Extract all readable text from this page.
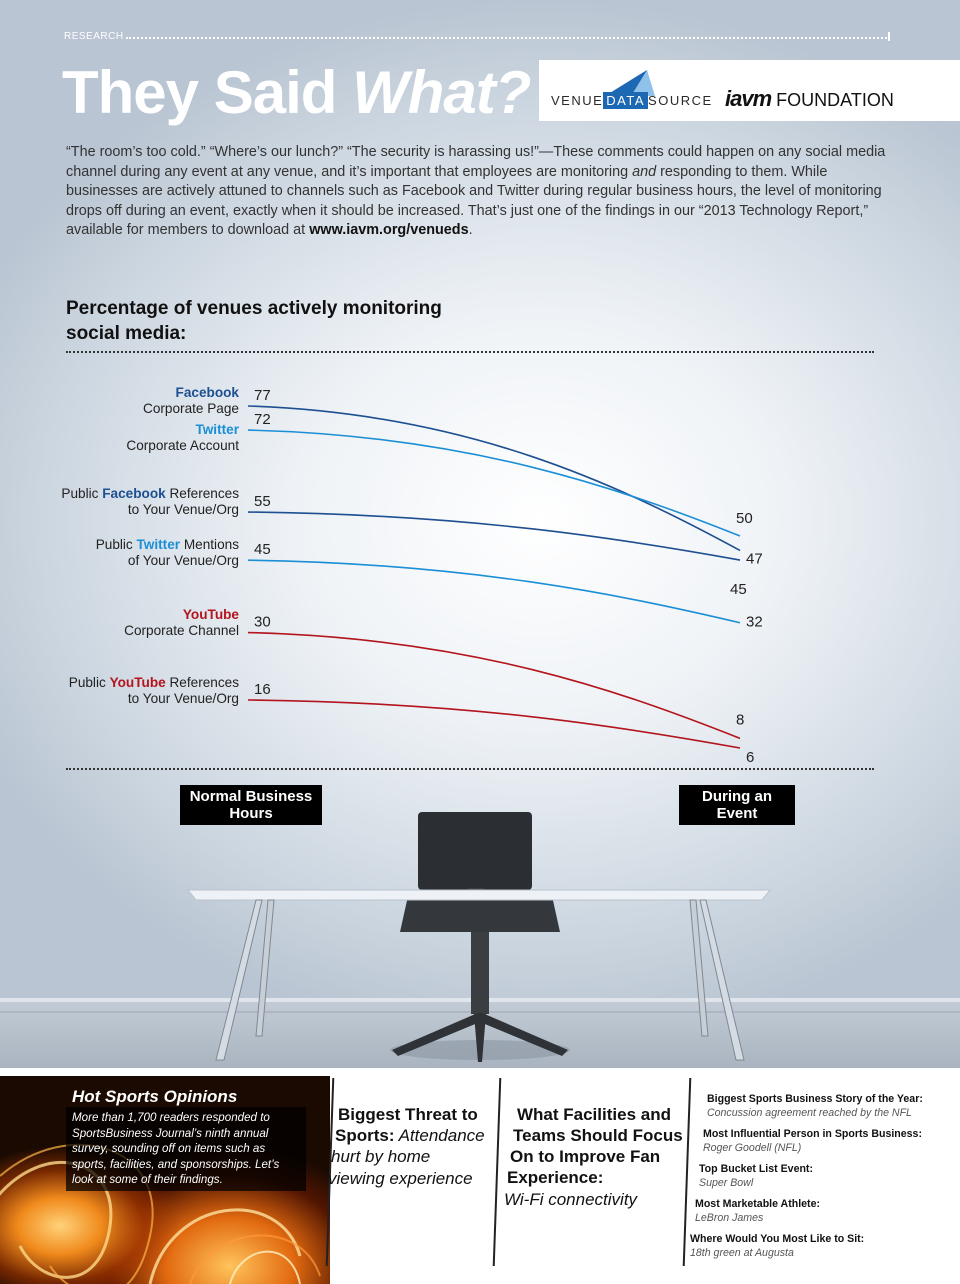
RESEARCH
They Said What? VENUE DATA SOURCE iavm FOUNDATION
“The room’s too cold.” “Where’s our lunch?” “The security is harassing us!”—These comments could happen on any social media channel during any event at any venue, and it’s important that employees are monitoring and responding to them. While businesses are actively attuned to channels such as Facebook and Twitter during regular business hours, the level of monitoring drops off during an event, exactly when it should be increased. That’s just one of the findings in our “2013 Technology Report,” available for members to download at www.iavm.org/venueds.
Percentage of venues actively monitoring social media:
77
47
Facebook
Corporate Page
72
50
Twitter
Corporate Account
55
45
Public Facebook References
to Your Venue/Org
45
32
Public Twitter Mentions
of Your Venue/Org
30
8
YouTube
Corporate Channel
16
6
Public YouTube References
to Your Venue/Org
Normal Business
Hours
During an
Event
Hot Sports Opinions
More than 1,700 readers responded to SportsBusiness Journal’s ninth annual survey, sounding off on items such as sports, facilities, and sponsorships. Let’s look at some of their findings.
Biggest Threat to
Sports: Attendance
hurt by home
viewing experience
What Facilities and
Teams Should Focus
On to Improve Fan
Experience:
Wi-Fi connectivity
Biggest Sports Business Story of the Year:
Concussion agreement reached by the NFL
Most Influential Person in Sports Business:
Roger Goodell (NFL)
Top Bucket List Event:
Super Bowl
Most Marketable Athlete:
LeBron James
Where Would You Most Like to Sit:
18th green at Augusta
